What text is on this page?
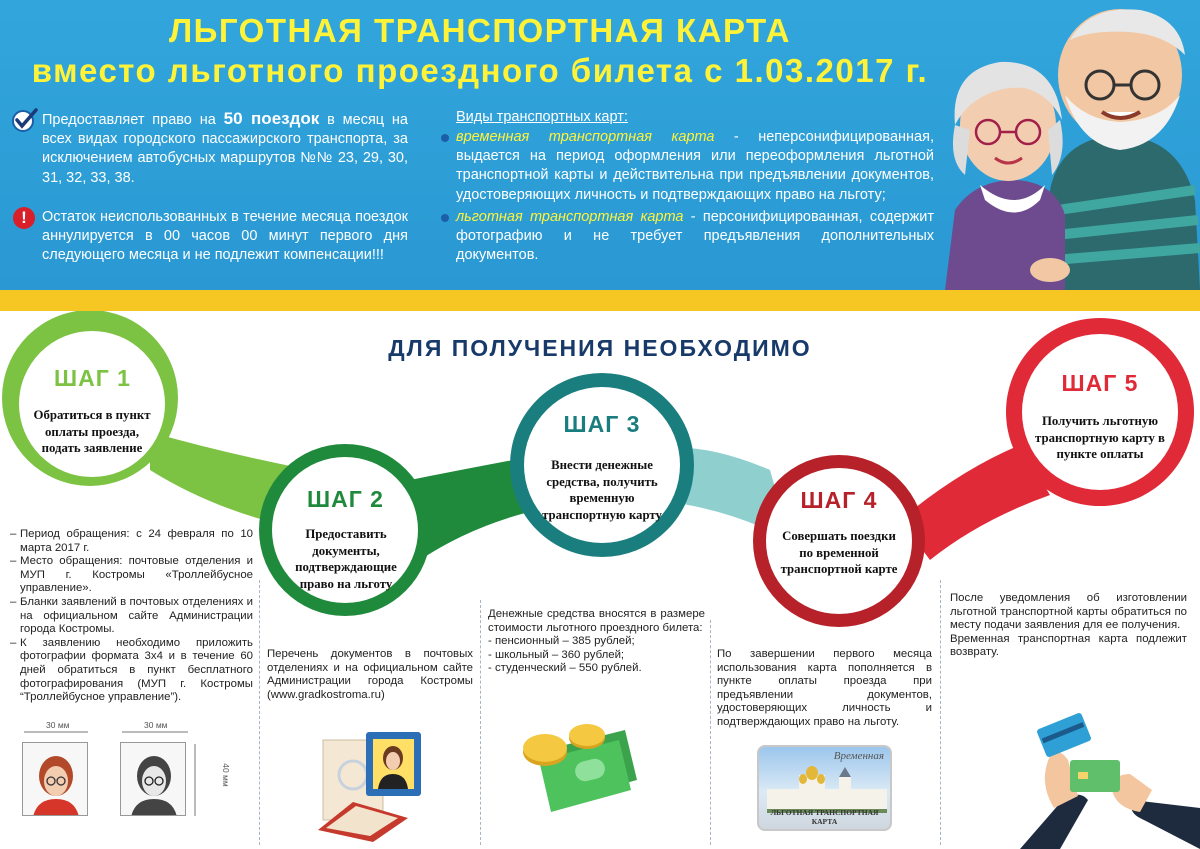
ЛЬГОТНАЯ ТРАНСПОРТНАЯ КАРТА
вместо льготного проездного билета с 1.03.2017 г.
Предоставляет право на 50 поездок в месяц на всех видах городского пассажирского транспорта, за исключением автобусных маршрутов №№ 23, 29, 30, 31, 32, 33, 38.
!	Остаток неиспользованных в течение месяца поездок аннулируется в 00 часов 00 минут первого дня следующего месяца и не подлежит компенсации!!!
Виды транспортных карт:
временная транспортная карта - неперсонифицированная, выдается на период оформления или переоформления льготной транспортной карты и действительна при предъявлении документов, удостоверяющих личность и подтверждающих право на льготу;
льготная транспортная карта - персонифицированная, содержит фотографию и не требует предъявления дополнительных документов.
ДЛЯ ПОЛУЧЕНИЯ НЕОБХОДИМО
ШАГ 1
Обратиться в пункт оплаты проезда, подать заявление
ШАГ 2
Предоставить документы, подтверждающие право на льготу
ШАГ 3
Внести денежные средства, получить временную транспортную карту
ШАГ 4
Совершать поездки по временной транспортной карте
ШАГ 5
Получить льготную транспортную карту в пункте оплаты
– Период обращения: с 24 февраля по 10 марта 2017 г.
– Место обращения: почтовые отделения и МУП г. Костромы «Троллейбусное управление».
– Бланки заявлений в почтовых отделениях и на официальном сайте Администрации города Костромы.
– К заявлению необходимо приложить фотографии формата 3х4 и в течение 60 дней обратиться в пункт бесплатного фотографирования (МУП г. Костромы “Троллейбусное управление”).
30 мм	30 мм
40 мм
Перечень документов в почтовых отделениях и на официальном сайте Администрации города Костромы (www.gradkostroma.ru)
Денежные средства вносятся в размере стоимости льготного проездного билета:
- пенсионный – 385 рублей;
- школьный – 360 рублей;
- студенческий – 550 рублей.
По завершении первого месяца использования карта пополняется в пункте оплаты проезда при предъявлении документов, удостоверяющих личность и подтверждающих право на льготу.
Временная
ЛЬГОТНАЯ ТРАНСПОРТНАЯ КАРТА
После уведомления об изготовлении льготной транспортной карты обратиться по месту подачи заявления для ее получения.
Временная транспортная карта подлежит возврату.
